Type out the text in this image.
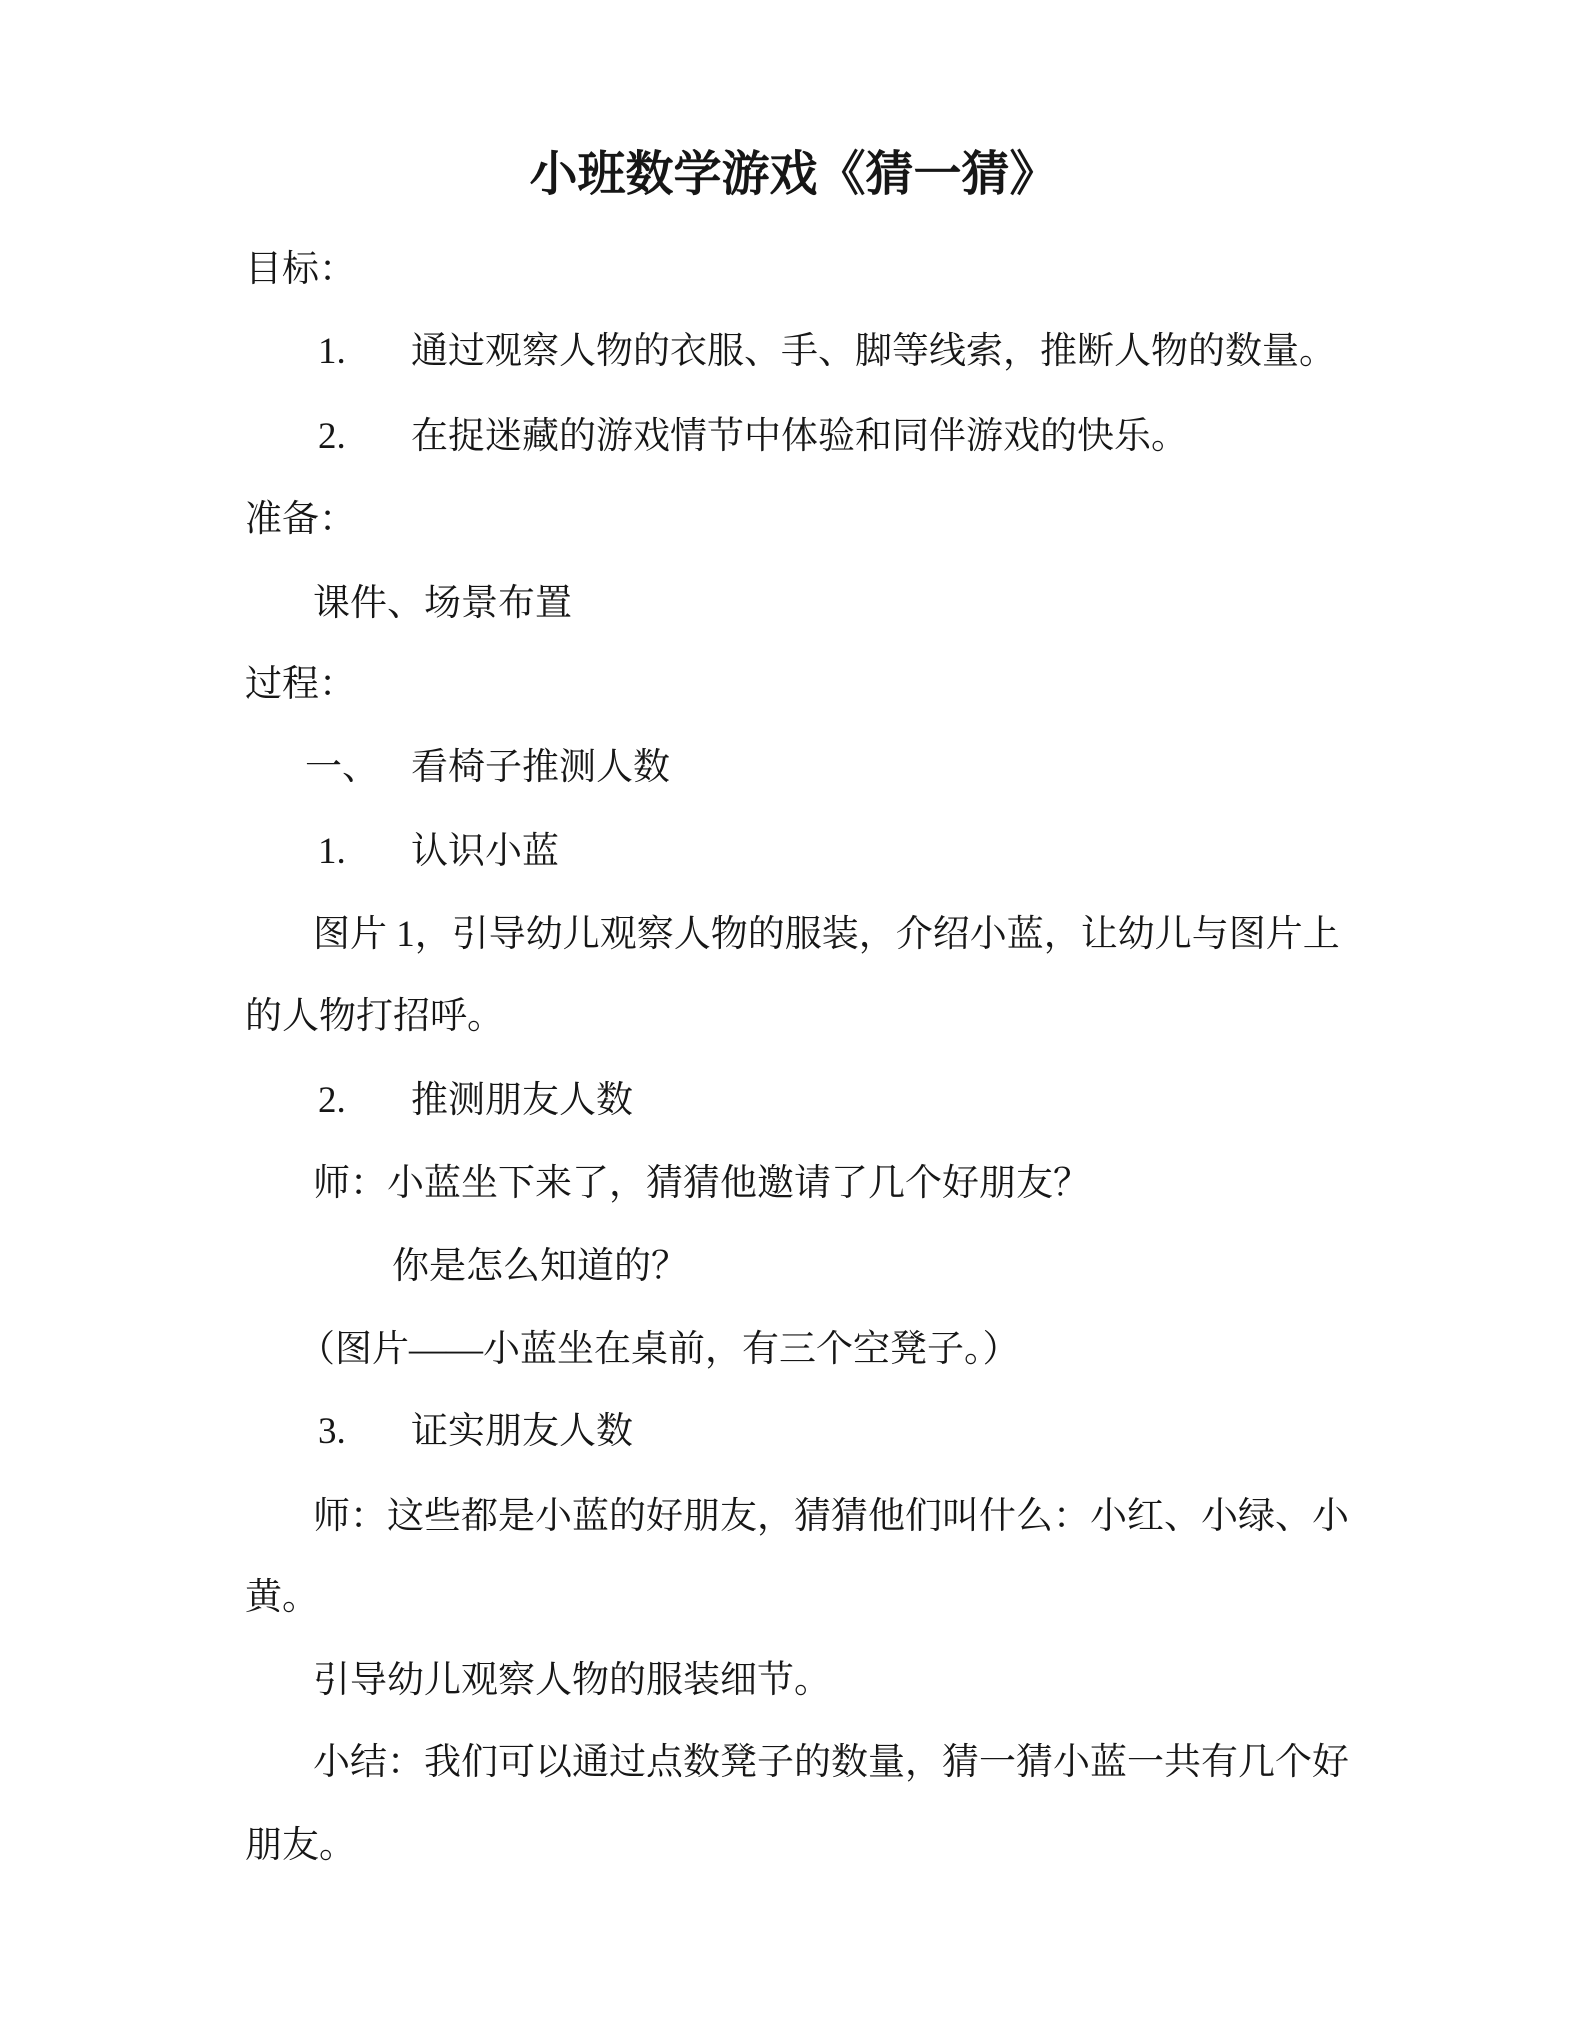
小班数学游戏《猜一猜》
目标：
1. 通过观察人物的衣服、手、脚等线索，推断人物的数量。
2. 在捉迷藏的游戏情节中体验和同伴游戏的快乐。
准备：
课件、场景布置
过程：
一、 看椅子推测人数
1. 认识小蓝
图片 1，引导幼儿观察人物的服装，介绍小蓝，让幼儿与图片上
的人物打招呼。
2. 推测朋友人数
师：小蓝坐下来了，猜猜他邀请了几个好朋友？
你是怎么知道的？
（图片——小蓝坐在桌前，有三个空凳子。）
3. 证实朋友人数
师：这些都是小蓝的好朋友，猜猜他们叫什么：小红、小绿、小
黄。
引导幼儿观察人物的服装细节。
小结：我们可以通过点数凳子的数量，猜一猜小蓝一共有几个好
朋友。
